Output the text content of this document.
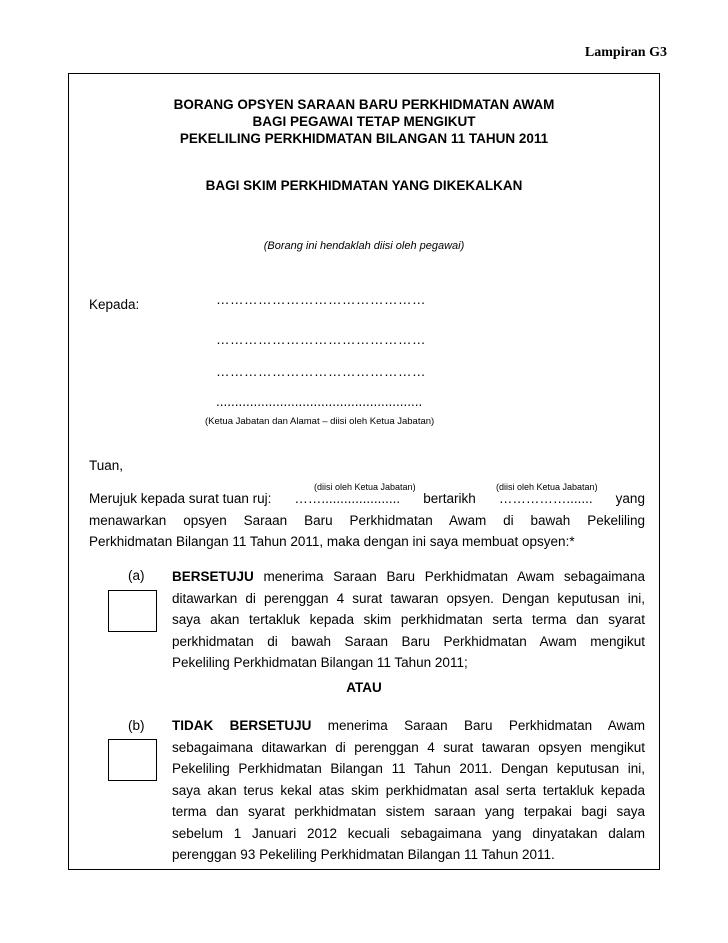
Lampiran G3
BORANG OPSYEN SARAAN BARU PERKHIDMATAN AWAM
BAGI PEGAWAI TETAP MENGIKUT
PEKELILING PERKHIDMATAN BILANGAN 11 TAHUN 2011
BAGI SKIM PERKHIDMATAN YANG DIKEKALKAN
(Borang ini hendaklah diisi oleh pegawai)
Kepada:	………………………………………
………………………………………
………………………………………
.......................................................
(Ketua Jabatan dan Alamat – diisi oleh Ketua Jabatan)
Tuan,
(diisi oleh Ketua Jabatan)	(diisi oleh Ketua Jabatan)
Merujuk kepada surat tuan ruj: ……..................... bertarikh ……………....... yang
menawarkan opsyen Saraan Baru Perkhidmatan Awam di bawah Pekeliling
Perkhidmatan Bilangan 11 Tahun 2011, maka dengan ini saya membuat opsyen:*
(a) BERSETUJU menerima Saraan Baru Perkhidmatan Awam sebagaimana
ditawarkan di perenggan 4 surat tawaran opsyen. Dengan keputusan ini,
saya akan tertakluk kepada skim perkhidmatan serta terma dan syarat
perkhidmatan di bawah Saraan Baru Perkhidmatan Awam mengikut
Pekeliling Perkhidmatan Bilangan 11 Tahun 2011;
ATAU
(b) TIDAK BERSETUJU menerima Saraan Baru Perkhidmatan Awam
sebagaimana ditawarkan di perenggan 4 surat tawaran opsyen mengikut
Pekeliling Perkhidmatan Bilangan 11 Tahun 2011. Dengan keputusan ini,
saya akan terus kekal atas skim perkhidmatan asal serta tertakluk kepada
terma dan syarat perkhidmatan sistem saraan yang terpakai bagi saya
sebelum 1 Januari 2012 kecuali sebagaimana yang dinyatakan dalam
perenggan 93 Pekeliling Perkhidmatan Bilangan 11 Tahun 2011.
